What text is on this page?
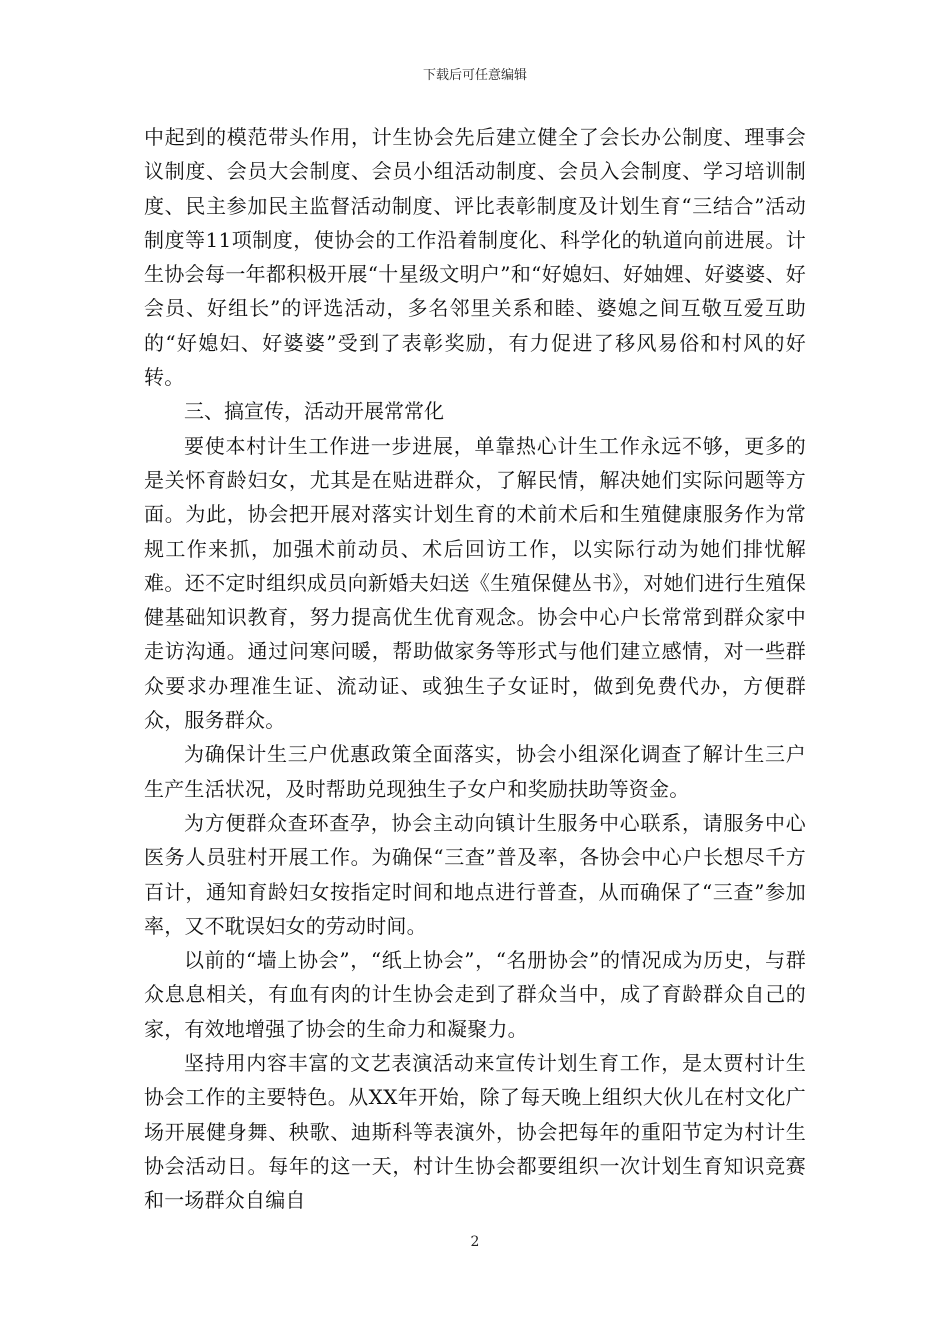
下载后可任意编辑

中起到的模范带头作用，计生协会先后建立健全了会长办公制度、理事会议制度、会员大会制度、会员小组活动制度、会员入会制度、学习培训制度、民主参加民主监督活动制度、评比表彰制度及计划生育“三结合”活动制度等11项制度，使协会的工作沿着制度化、科学化的轨道向前进展。计生协会每一年都积极开展“十星级文明户”和“好媳妇、好妯娌、好婆婆、好会员、好组长”的评选活动，多名邻里关系和睦、婆媳之间互敬互爱互助的“好媳妇、好婆婆”受到了表彰奖励，有力促进了移风易俗和村风的好转。

三、搞宣传，活动开展常常化

要使本村计生工作进一步进展，单靠热心计生工作永远不够，更多的是关怀育龄妇女，尤其是在贴进群众，了解民情，解决她们实际问题等方面。为此，协会把开展对落实计划生育的术前术后和生殖健康服务作为常规工作来抓，加强术前动员、术后回访工作，以实际行动为她们排忧解难。还不定时组织成员向新婚夫妇送《生殖保健丛书》，对她们进行生殖保健基础知识教育，努力提高优生优育观念。协会中心户长常常到群众家中走访沟通。通过问寒问暖，帮助做家务等形式与他们建立感情，对一些群众要求办理准生证、流动证、或独生子女证时，做到免费代办，方便群众，服务群众。

为确保计生三户优惠政策全面落实，协会小组深化调查了解计生三户生产生活状况，及时帮助兑现独生子女户和奖励扶助等资金。

为方便群众查环查孕，协会主动向镇计生服务中心联系，请服务中心医务人员驻村开展工作。为确保“三查”普及率，各协会中心户长想尽千方百计，通知育龄妇女按指定时间和地点进行普查，从而确保了“三查”参加率，又不耽误妇女的劳动时间。

以前的“墙上协会”，“纸上协会”，“名册协会”的情况成为历史，与群众息息相关，有血有肉的计生协会走到了群众当中，成了育龄群众自己的家，有效地增强了协会的生命力和凝聚力。

坚持用内容丰富的文艺表演活动来宣传计划生育工作，是太贾村计生协会工作的主要特色。从XX年开始，除了每天晚上组织大伙儿在村文化广场开展健身舞、秧歌、迪斯科等表演外，协会把每年的重阳节定为村计生协会活动日。每年的这一天，村计生协会都要组织一次计划生育知识竞赛和一场群众自编自

2
